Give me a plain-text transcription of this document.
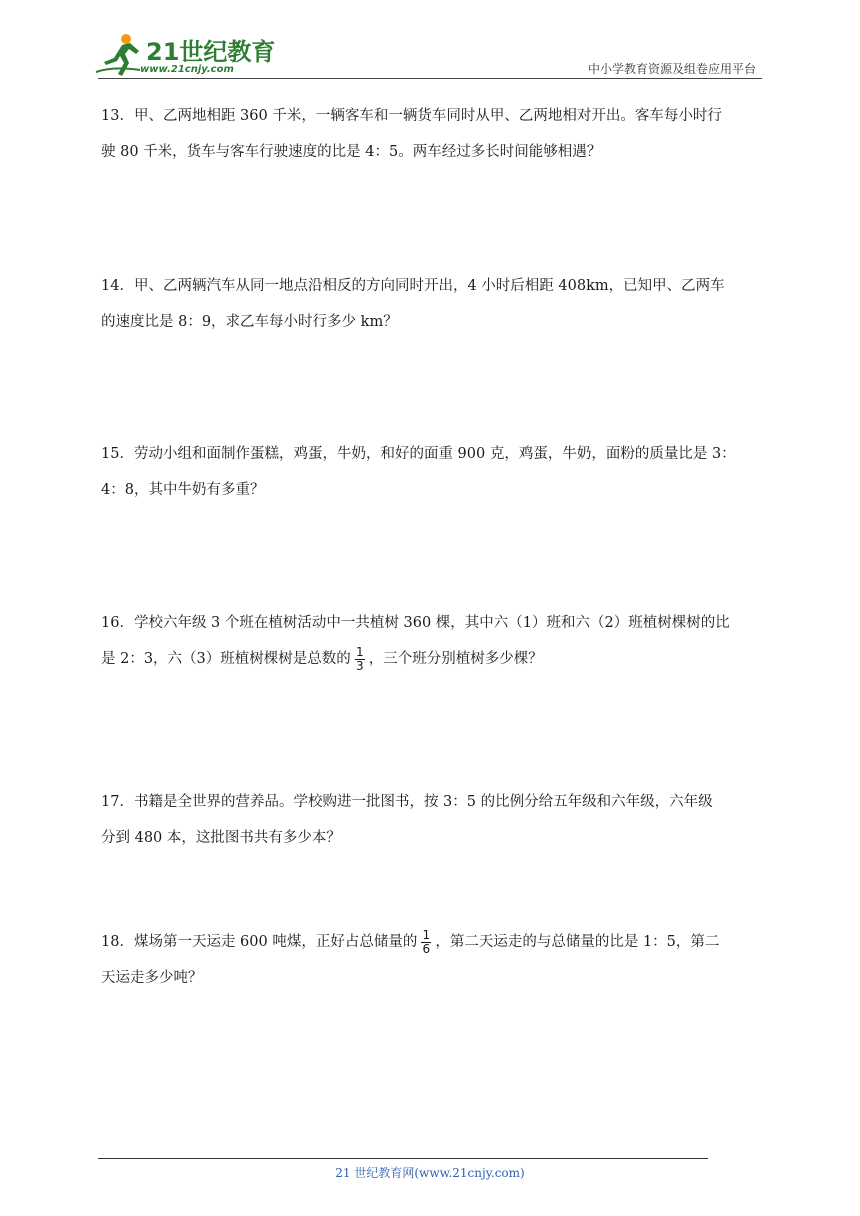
21世纪教育
www.21cnjy.com	中小学教育资源及组卷应用平台

13．甲、乙两地相距 360 千米，一辆客车和一辆货车同时从甲、乙两地相对开出。客车每小时行

驶 80 千米，货车与客车行驶速度的比是 4：5。两车经过多长时间能够相遇？

14．甲、乙两辆汽车从同一地点沿相反的方向同时开出，4 小时后相距 408km，已知甲、乙两车

的速度比是 8：9，求乙车每小时行多少 km？

15．劳动小组和面制作蛋糕，鸡蛋，牛奶，和好的面重 900 克，鸡蛋，牛奶，面粉的质量比是 3：

4：8，其中牛奶有多重？

16．学校六年级 3 个班在植树活动中一共植树 360 棵，其中六（1）班和六（2）班植树棵树的比

是 2：3，六（3）班植树棵树是总数的 $\frac{1}{3}$ ，三个班分别植树多少棵？

17．书籍是全世界的营养品。学校购进一批图书，按 3：5 的比例分给五年级和六年级，六年级

分到 480 本，这批图书共有多少本？

18．煤场第一天运走 600 吨煤，正好占总储量的 $\frac{1}{6}$ ，第二天运走的与总储量的比是 1：5，第二

天运走多少吨？

21 世纪教育网(www.21cnjy.com)
